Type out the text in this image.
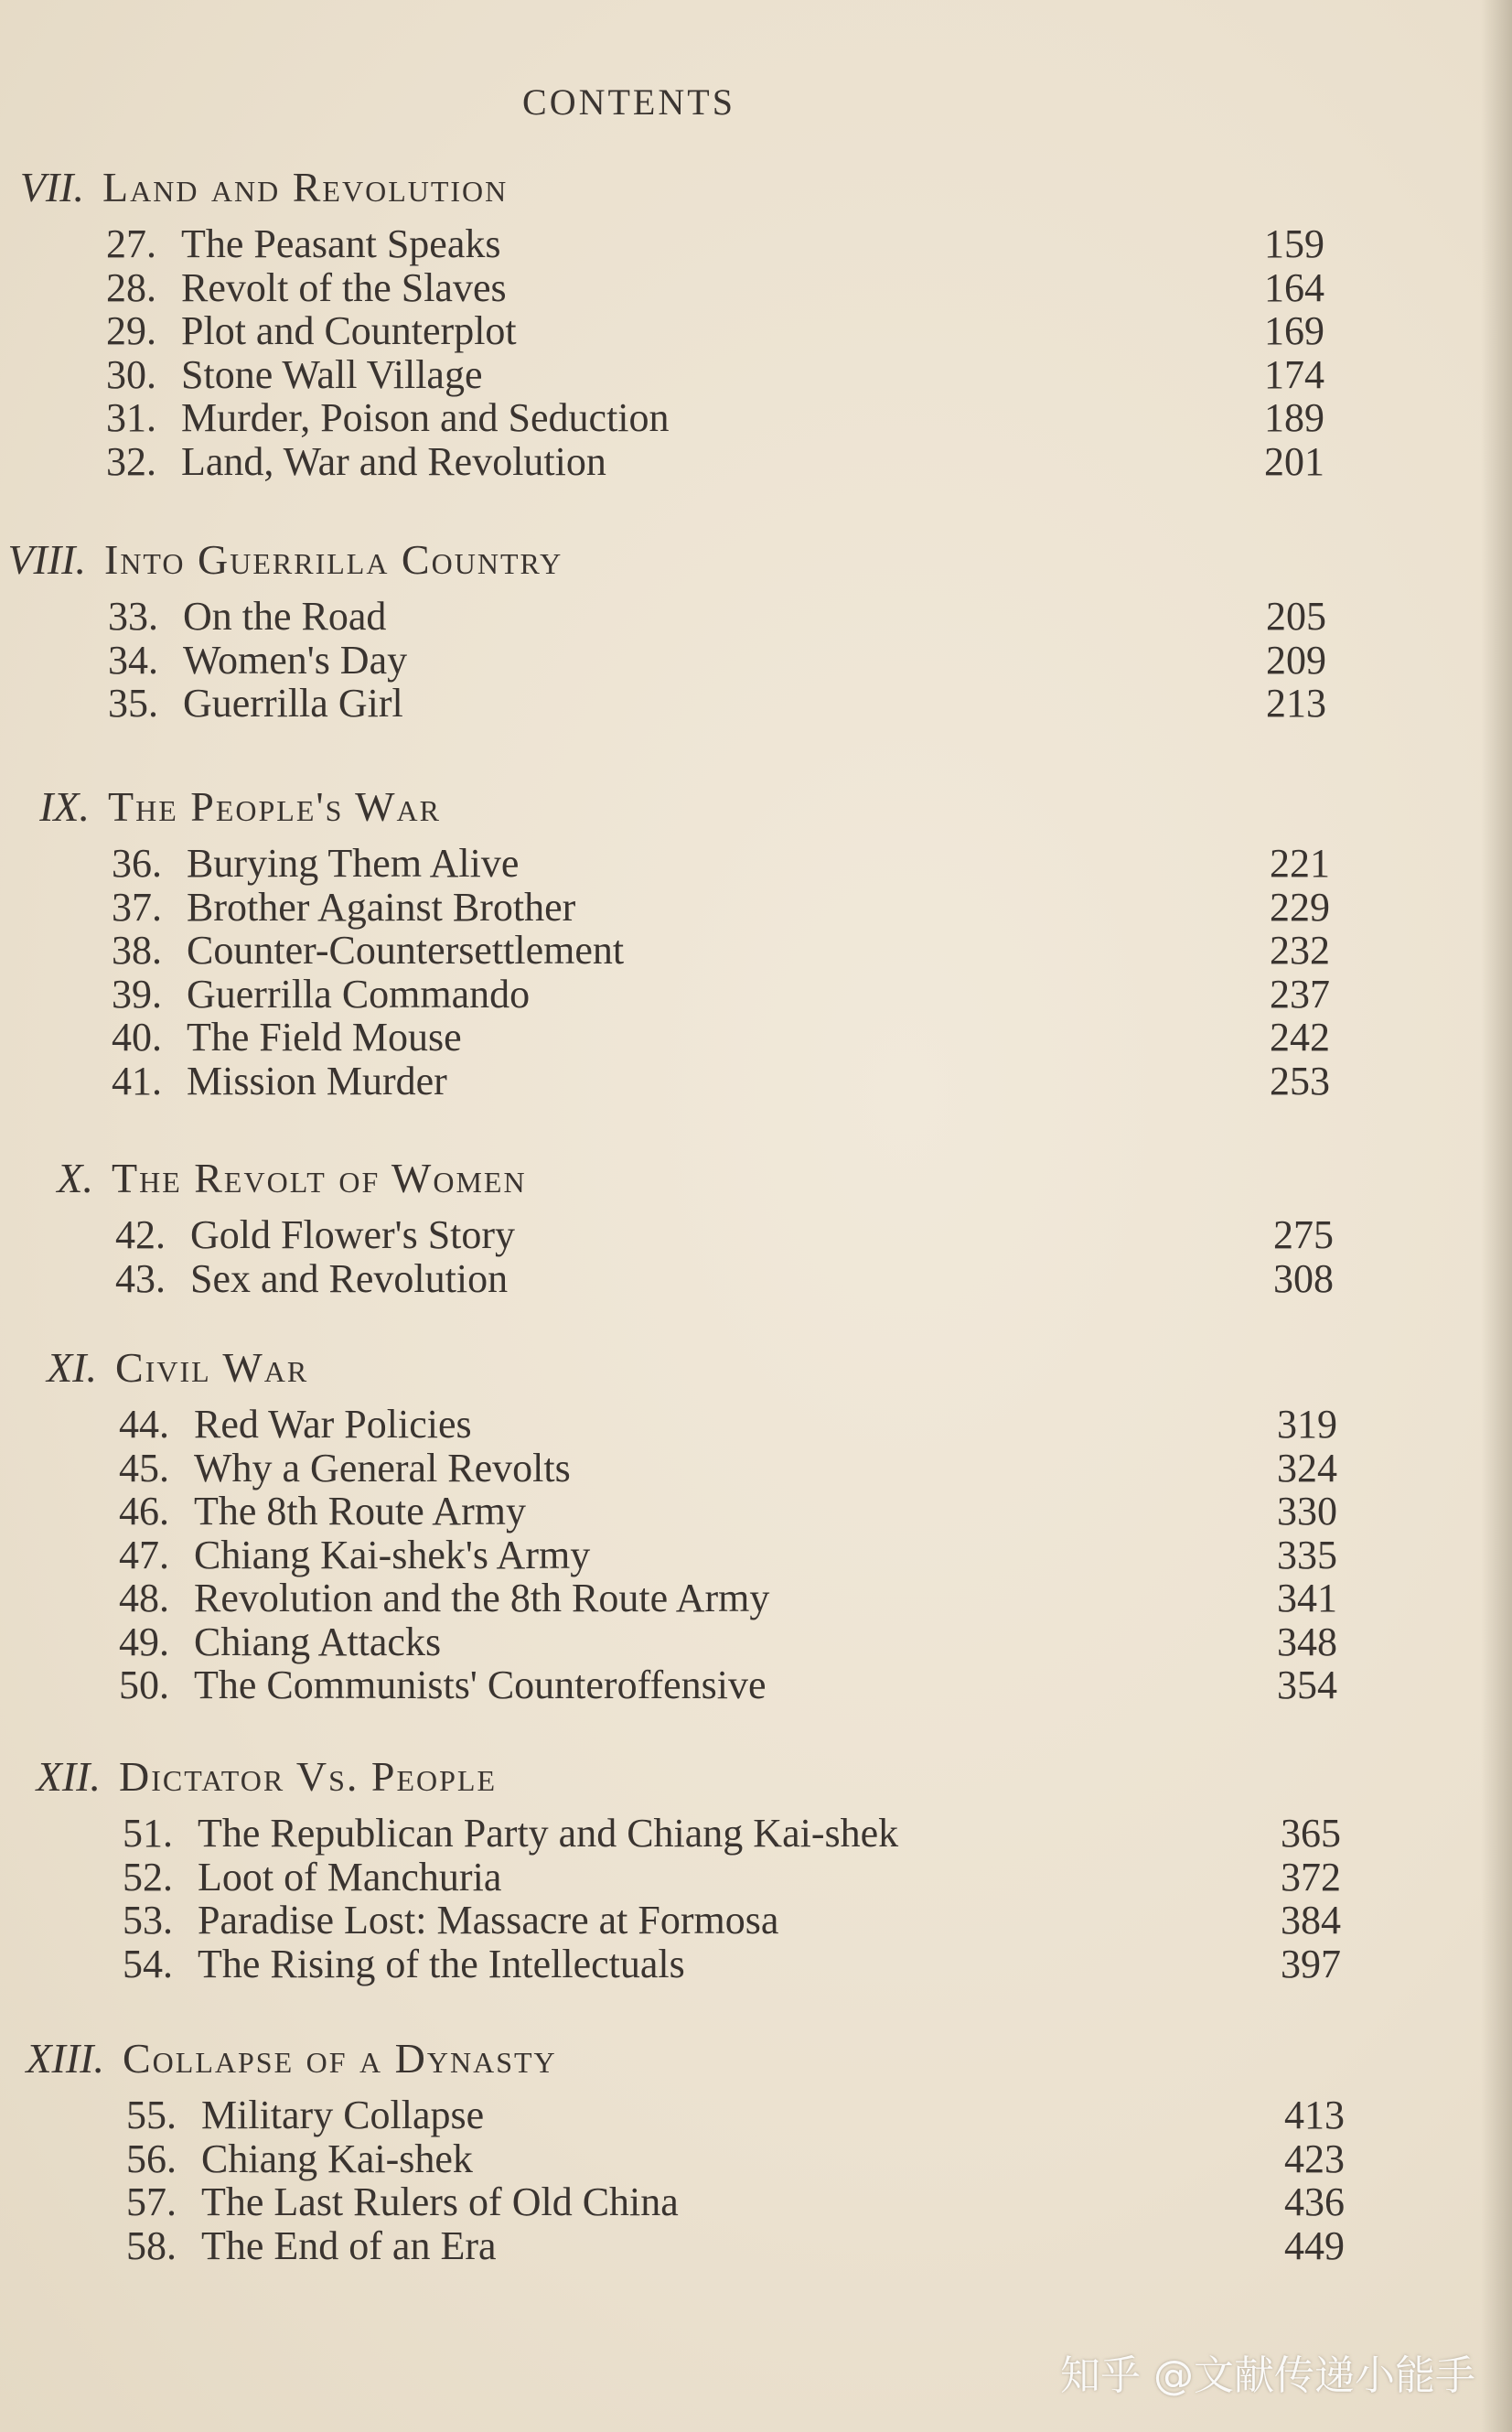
CONTENTS
VII. Land and Revolution
27. The Peasant Speaks	159
28. Revolt of the Slaves	164
29. Plot and Counterplot	169
30. Stone Wall Village	174
31. Murder, Poison and Seduction	189
32. Land, War and Revolution	201
VIII. Into Guerrilla Country
33. On the Road	205
34. Women's Day	209
35. Guerrilla Girl	213
IX. The People's War
36. Burying Them Alive	221
37. Brother Against Brother	229
38. Counter-Countersettlement	232
39. Guerrilla Commando	237
40. The Field Mouse	242
41. Mission Murder	253
X. The Revolt of Women
42. Gold Flower's Story	275
43. Sex and Revolution	308
XI. Civil War
44. Red War Policies	319
45. Why a General Revolts	324
46. The 8th Route Army	330
47. Chiang Kai-shek's Army	335
48. Revolution and the 8th Route Army	341
49. Chiang Attacks	348
50. The Communists' Counteroffensive	354
XII. Dictator Vs. People
51. The Republican Party and Chiang Kai-shek	365
52. Loot of Manchuria	372
53. Paradise Lost: Massacre at Formosa	384
54. The Rising of the Intellectuals	397
XIII. Collapse of a Dynasty
55. Military Collapse	413
56. Chiang Kai-shek	423
57. The Last Rulers of Old China	436
58. The End of an Era	449
知乎 @文献传递小能手
